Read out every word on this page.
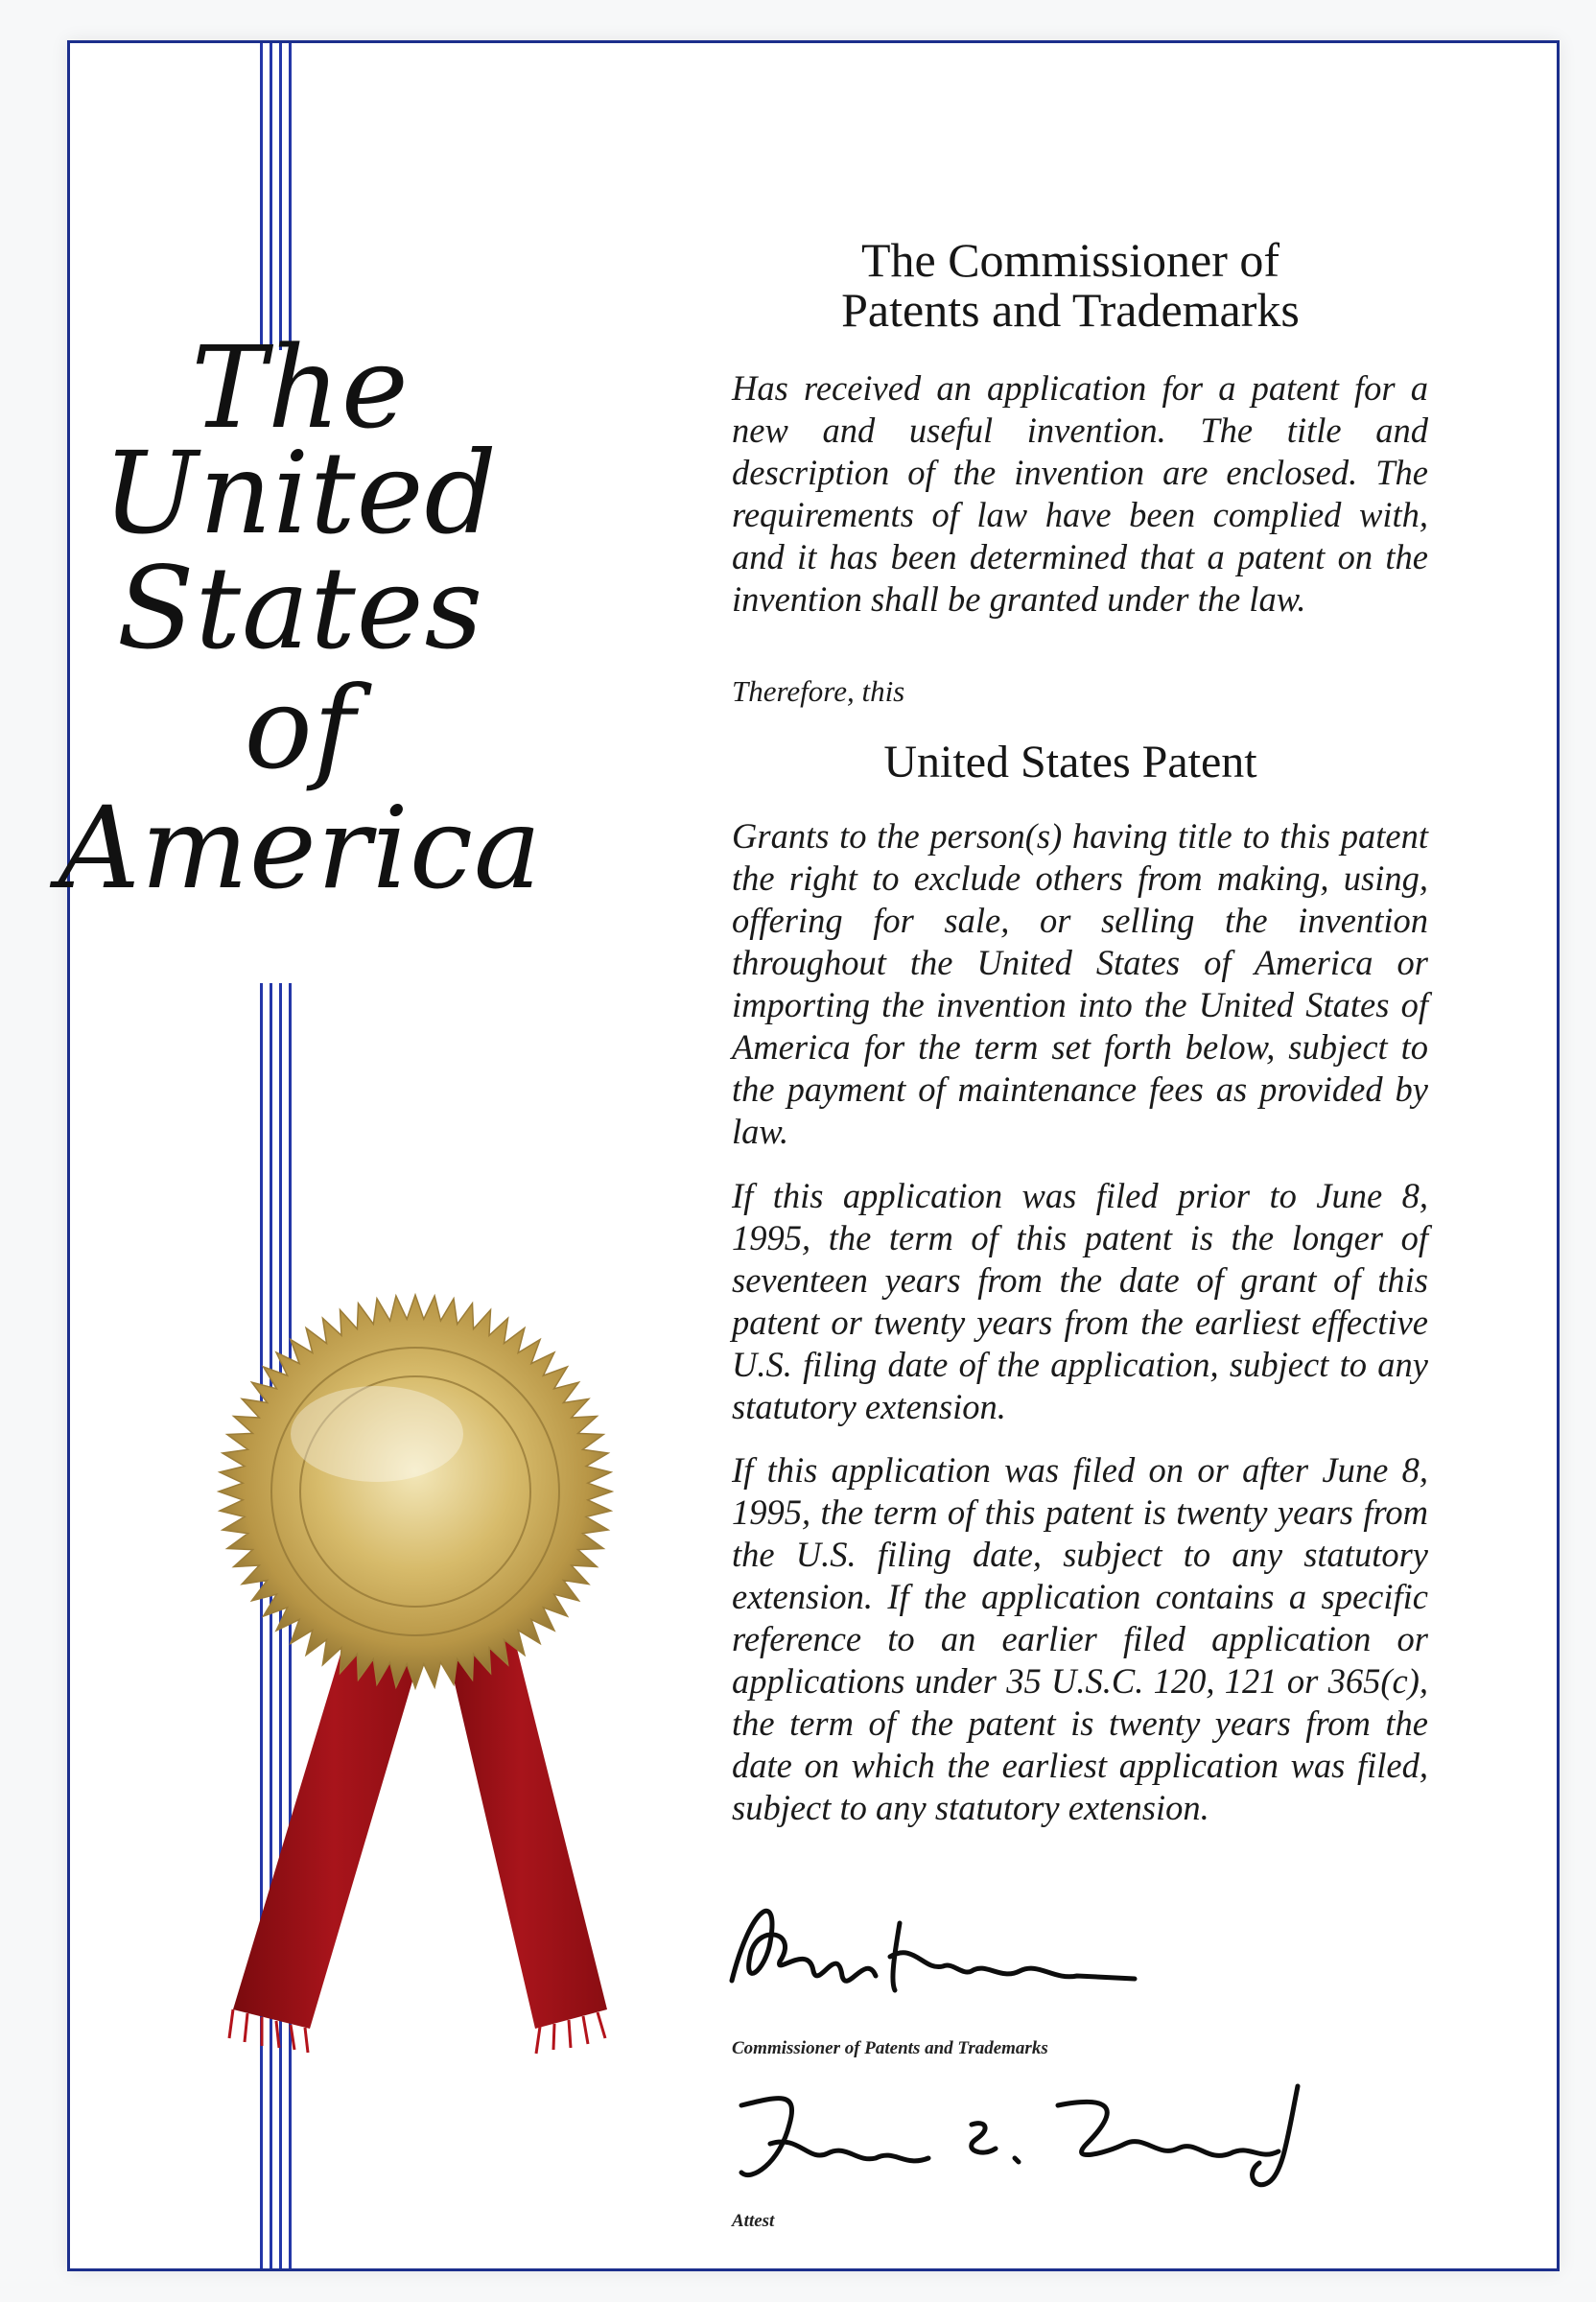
The
United
States
of
America

The Commissioner of

Patents and Trademarks

Has received an application for a patent for a new and useful invention. The title and description of the invention are enclosed. The requirements of law have been complied with, and it has been determined that a patent on the invention shall be granted under the law.

Therefore, this

United States Patent

Grants to the person(s) having title to this patent the right to exclude others from making, using, offering for sale, or selling the invention throughout the United States of America or importing the invention into the United States of America for the term set forth below, subject to the payment of maintenance fees as provided by law.

If this application was filed prior to June 8, 1995, the term of this patent is the longer of seventeen years from the date of grant of this patent or twenty years from the earliest effective U.S. filing date of the application, subject to any statutory extension.

If this application was filed on or after June 8, 1995, the term of this patent is twenty years from the U.S. filing date, subject to any statutory extension. If the application contains a specific reference to an earlier filed application or applications under 35 U.S.C. 120, 121 or 365(c), the term of the patent is twenty years from the date on which the earliest application was filed, subject to any statutory extension.

Commissioner of Patents and Trademarks
Attest
